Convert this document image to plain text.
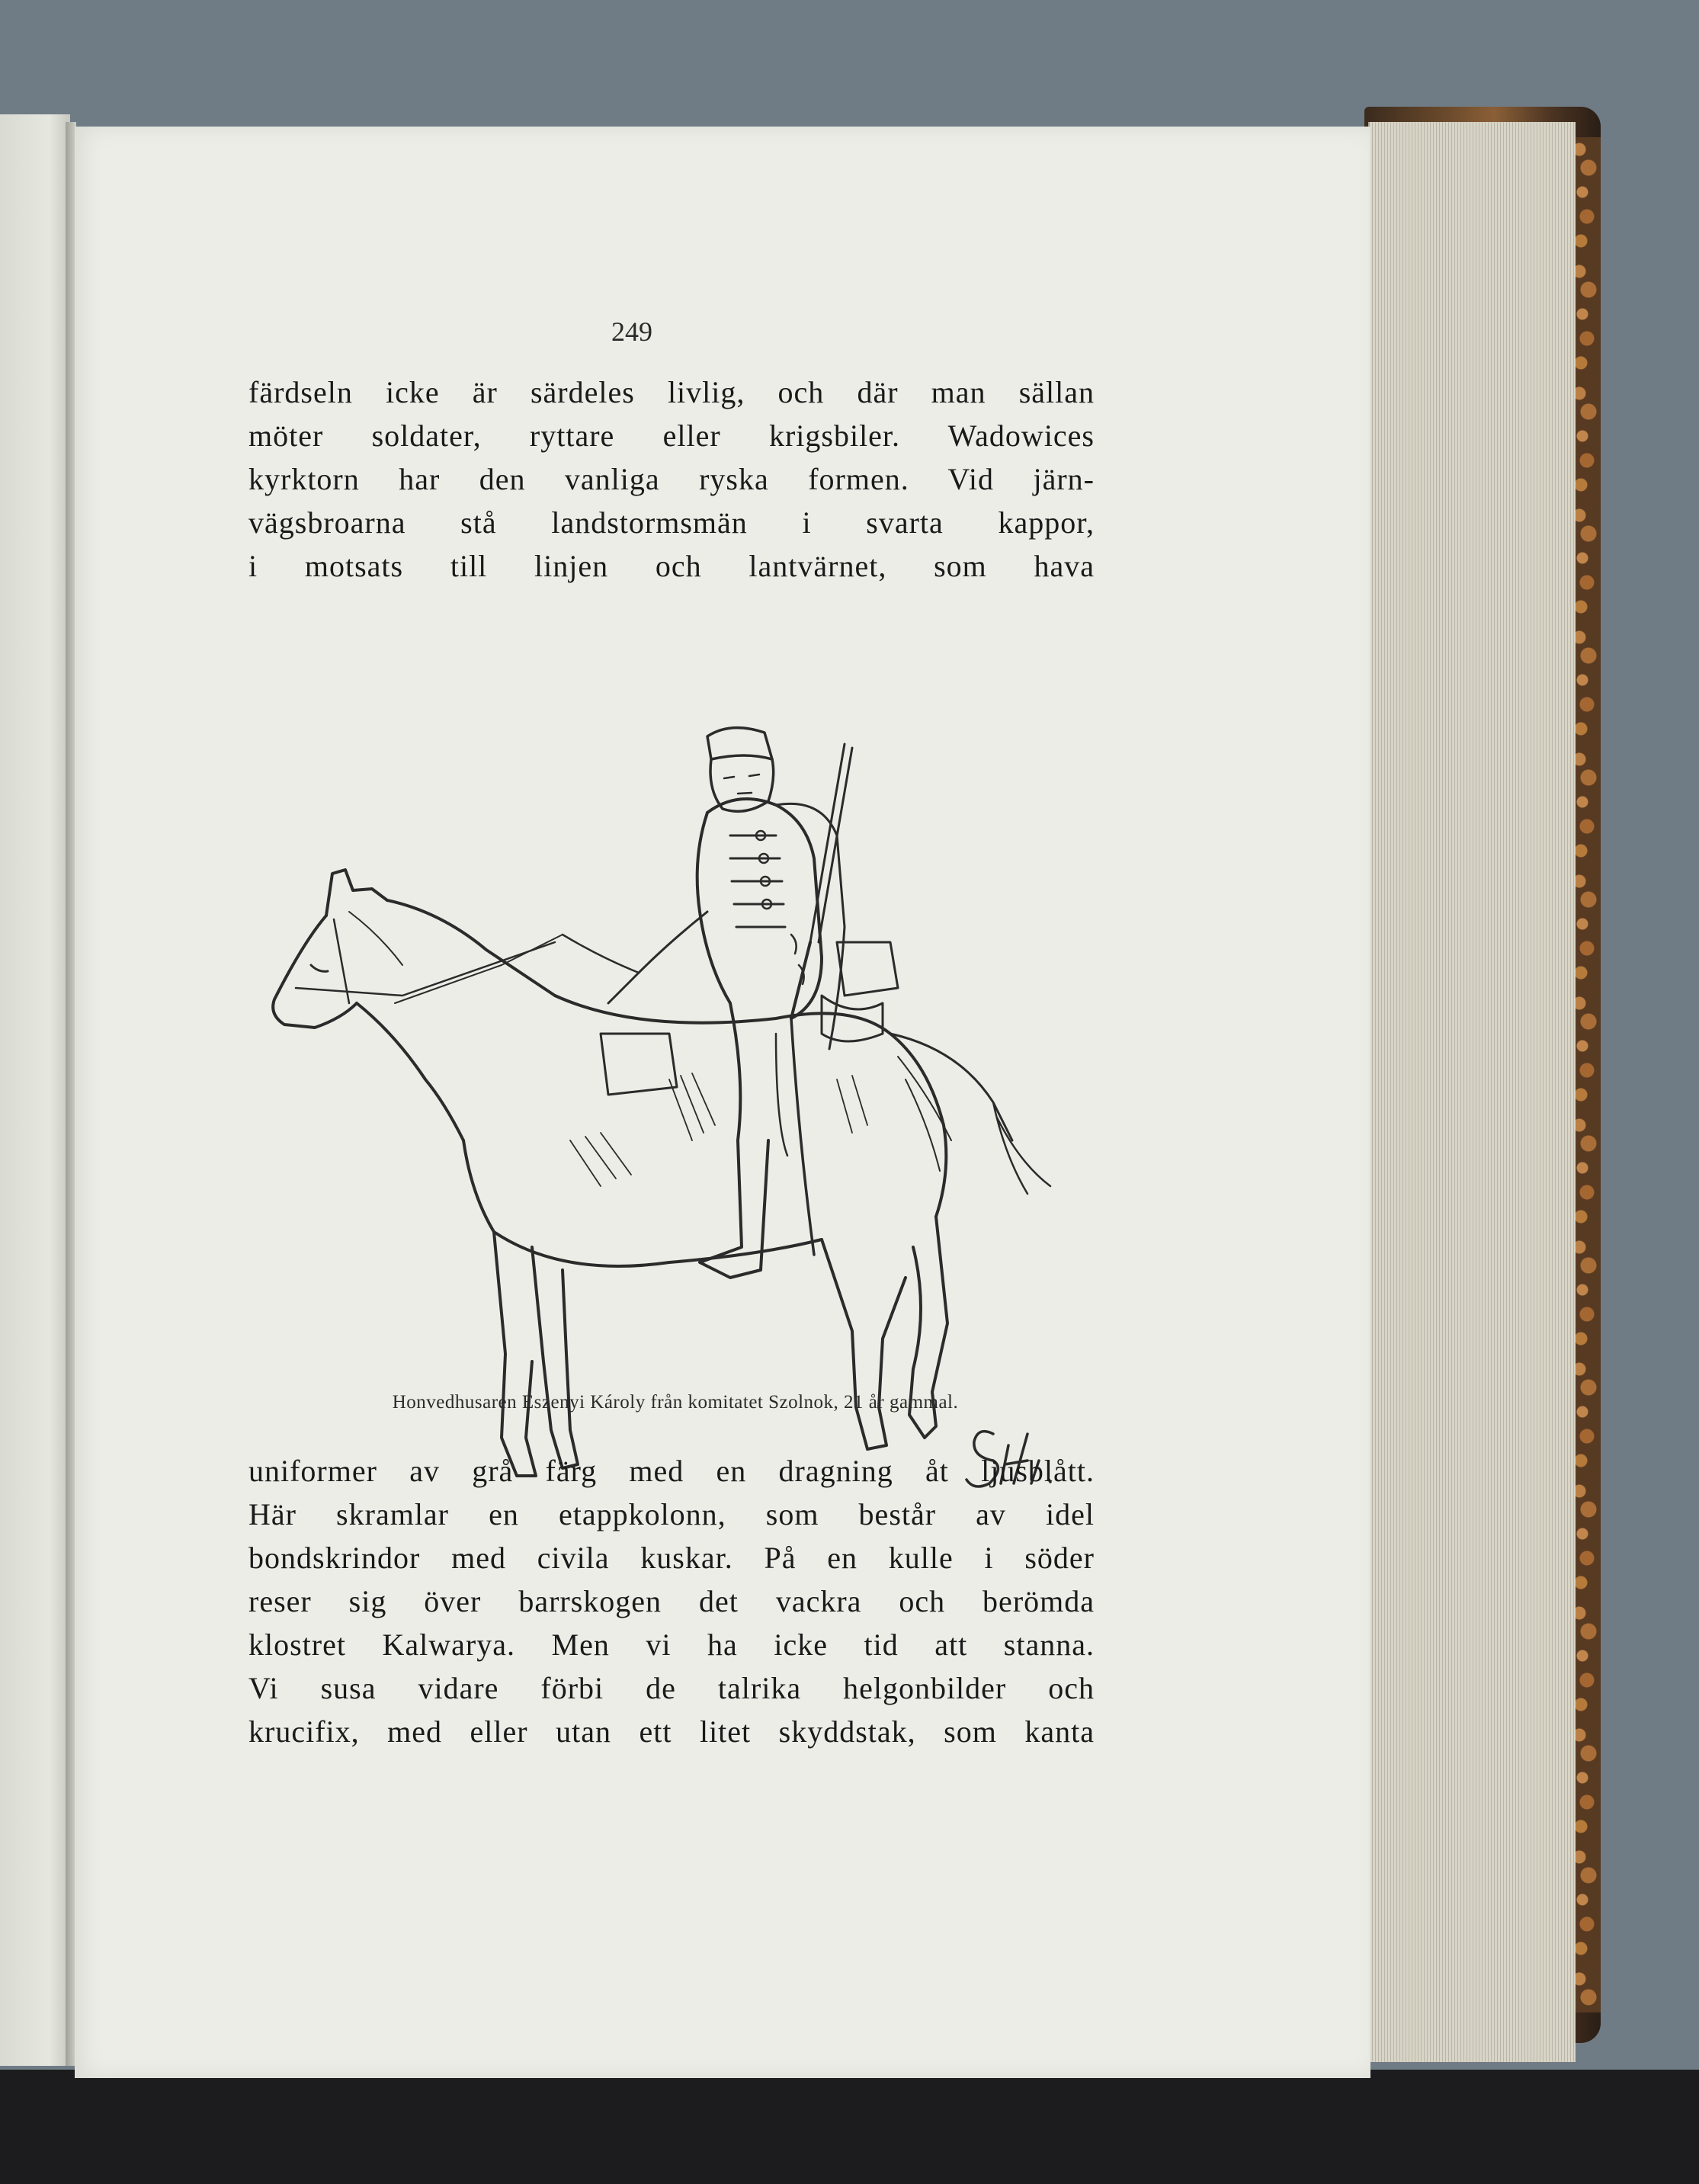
249
färdseln icke är särdeles livlig, och där man sällan
möter soldater, ryttare eller krigsbiler. Wadowices
kyrktorn har den vanliga ryska formen. Vid järn-
vägsbroarna stå landstormsmän i svarta kappor,
i motsats till linjen och lantvärnet, som hava
Honvedhusaren Eszenyi Károly från komitatet Szolnok, 21 år gammal.
uniformer av grå färg med en dragning åt ljusblått.
Här skramlar en etappkolonn, som består av idel
bondskrindor med civila kuskar. På en kulle i söder
reser sig över barrskogen det vackra och berömda
klostret Kalwarya. Men vi ha icke tid att stanna.
Vi susa vidare förbi de talrika helgonbilder och
krucifix, med eller utan ett litet skyddstak, som kanta
